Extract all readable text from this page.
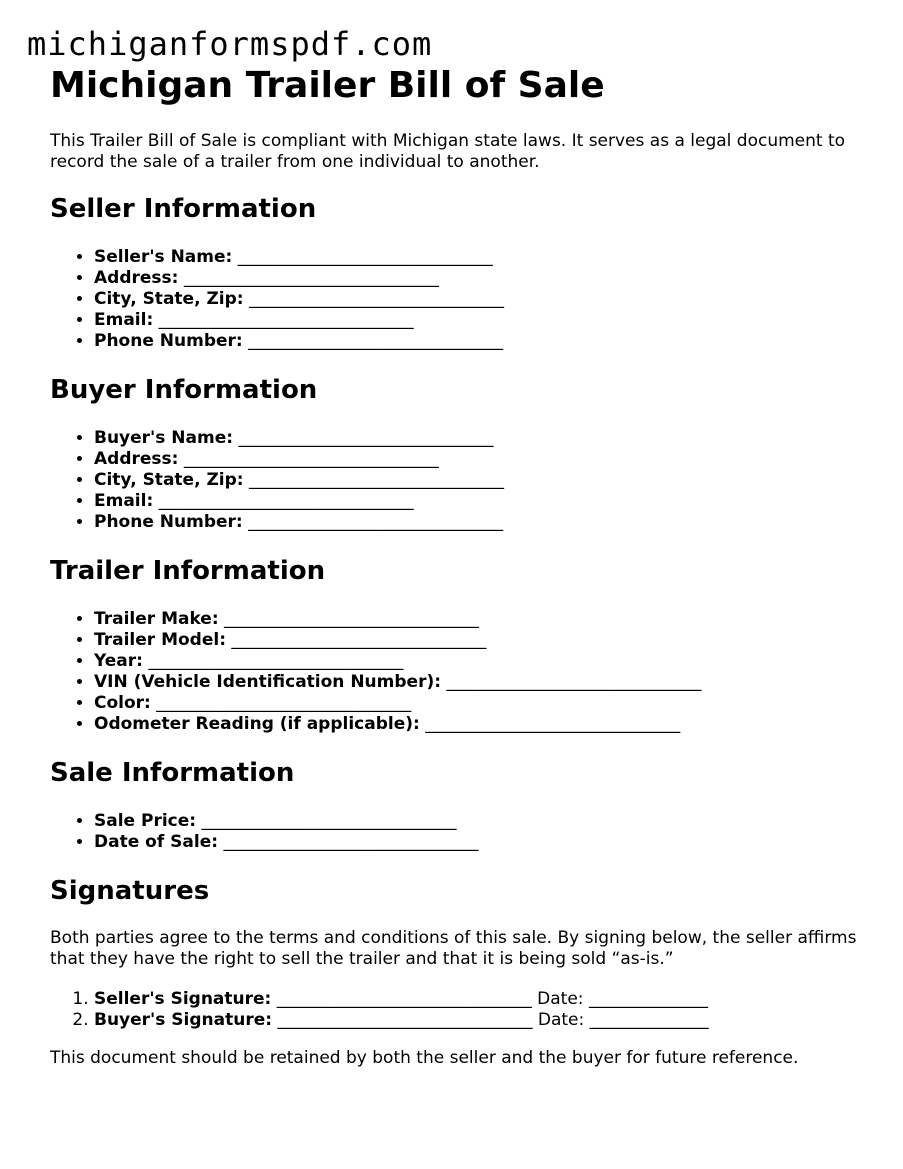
michiganformspdf.com
Michigan Trailer Bill of Sale

This Trailer Bill of Sale is compliant with Michigan state laws. It serves as a legal document to record the sale of a trailer from one individual to another.

Seller Information
• Seller's Name: ______________________________
• Address: ______________________________
• City, State, Zip: ______________________________
• Email: ______________________________
• Phone Number: ______________________________
Buyer Information
• Buyer's Name: ______________________________
• Address: ______________________________
• City, State, Zip: ______________________________
• Email: ______________________________
• Phone Number: ______________________________
Trailer Information
• Trailer Make: ______________________________
• Trailer Model: ______________________________
• Year: ______________________________
• VIN (Vehicle Identification Number): ______________________________
• Color: ______________________________
• Odometer Reading (if applicable): ______________________________
Sale Information
• Sale Price: ______________________________
• Date of Sale: ______________________________
Signatures

Both parties agree to the terms and conditions of this sale. By signing below, the seller affirms that they have the right to sell the trailer and that it is being sold “as-is.”

1. Seller's Signature: ______________________________ Date: ______________
2. Buyer's Signature: ______________________________ Date: ______________

This document should be retained by both the seller and the buyer for future reference.
